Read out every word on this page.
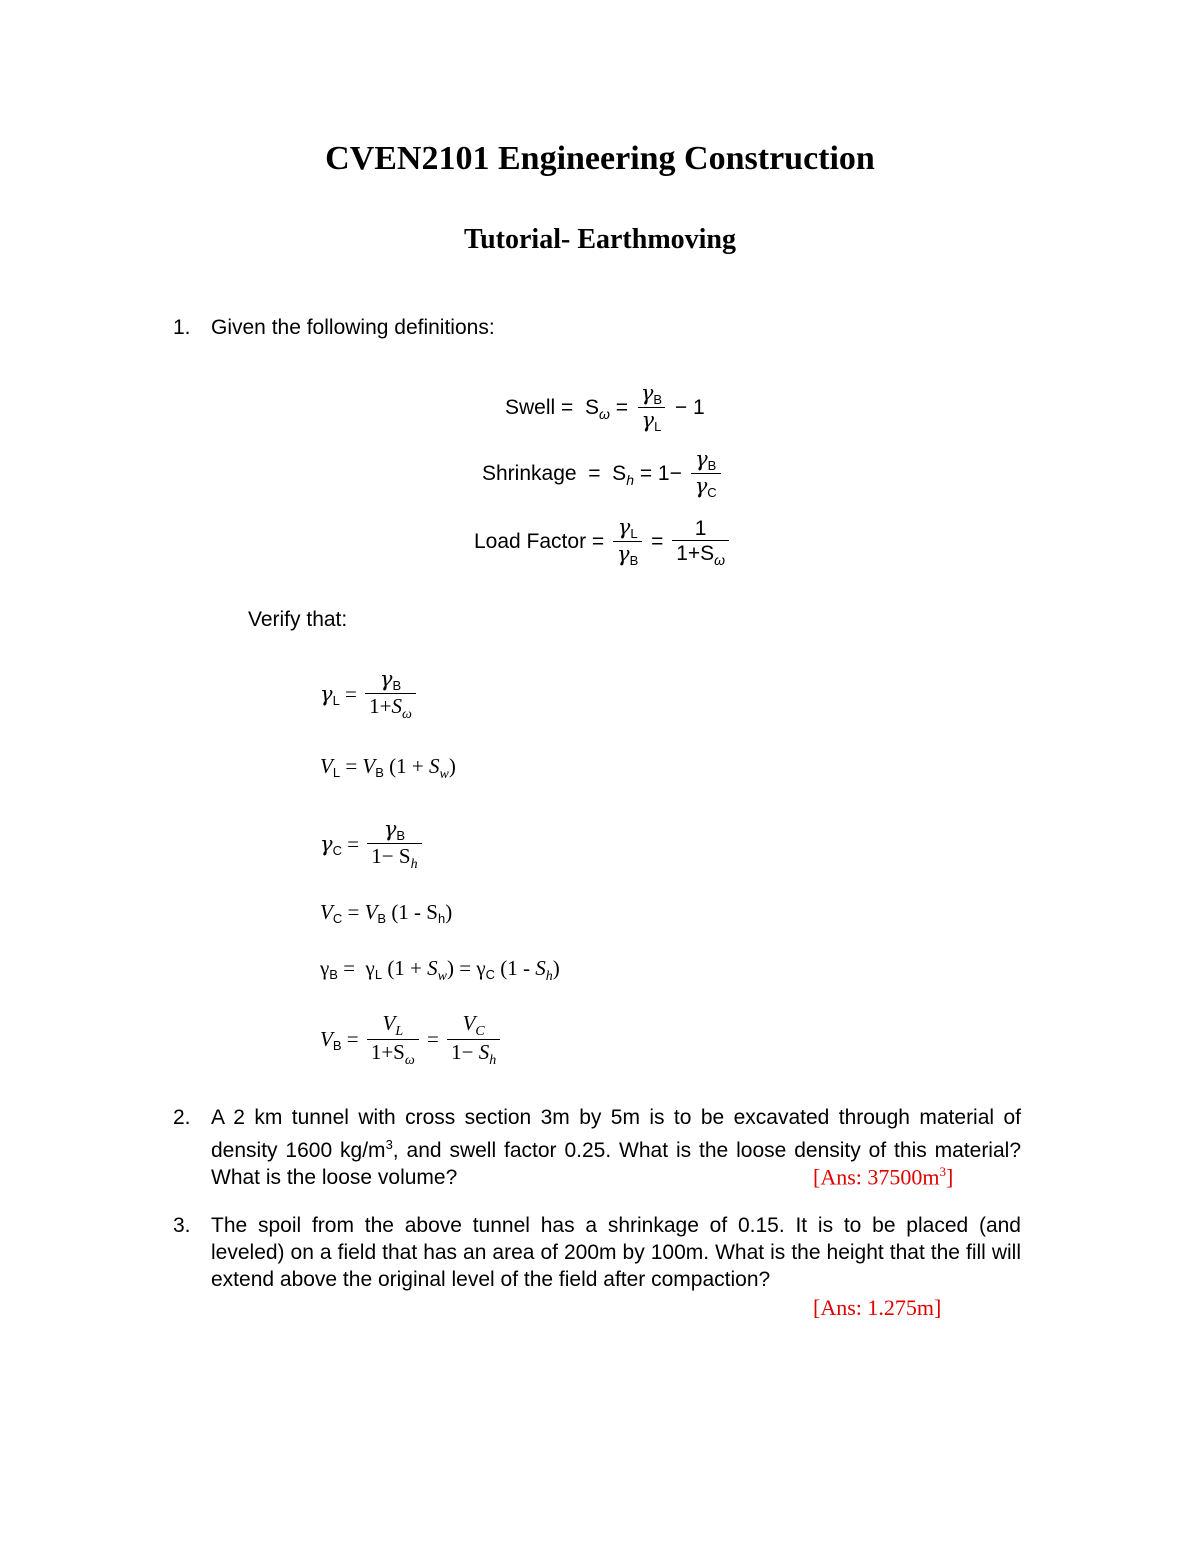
CVEN2101 Engineering Construction
Tutorial- Earthmoving
1. Given the following definitions:
Swell =  $S_\omega = \frac{\gamma_B}{\gamma_L} - 1$
Shrinkage  =  $S_h = 1- \frac{\gamma_B}{\gamma_C}$
Load Factor = $\frac{\gamma_L}{\gamma_B} = \frac{1}{1+S_\omega}$
Verify that:
$\gamma_L = \frac{\gamma_B}{1+S_\omega}$
$V_L = V_B$ $(1 + S_w)$
$\gamma_C = \frac{\gamma_B}{1- S_h}$
$V_C = V_B$ $(1 - S_h)$
$\gamma_B = \gamma_L$ $(1 + S_w) = \gamma_C$ $(1 - S_h)$
$V_B = \frac{V_L}{1+S_\omega} = \frac{V_C}{1- S_h}$
2. A 2 km tunnel with cross section 3m by 5m is to be excavated through material of density 1600 $kg/m^3$, and swell factor 0.25. What is the loose density of this material? What is the loose volume?	[Ans: $37500m^3$]
3. The spoil from the above tunnel has a shrinkage of 0.15. It is to be placed (and leveled) on a field that has an area of 200m by 100m. What is the height that the fill will extend above the original level of the field after compaction?
[Ans: 1.275m]
